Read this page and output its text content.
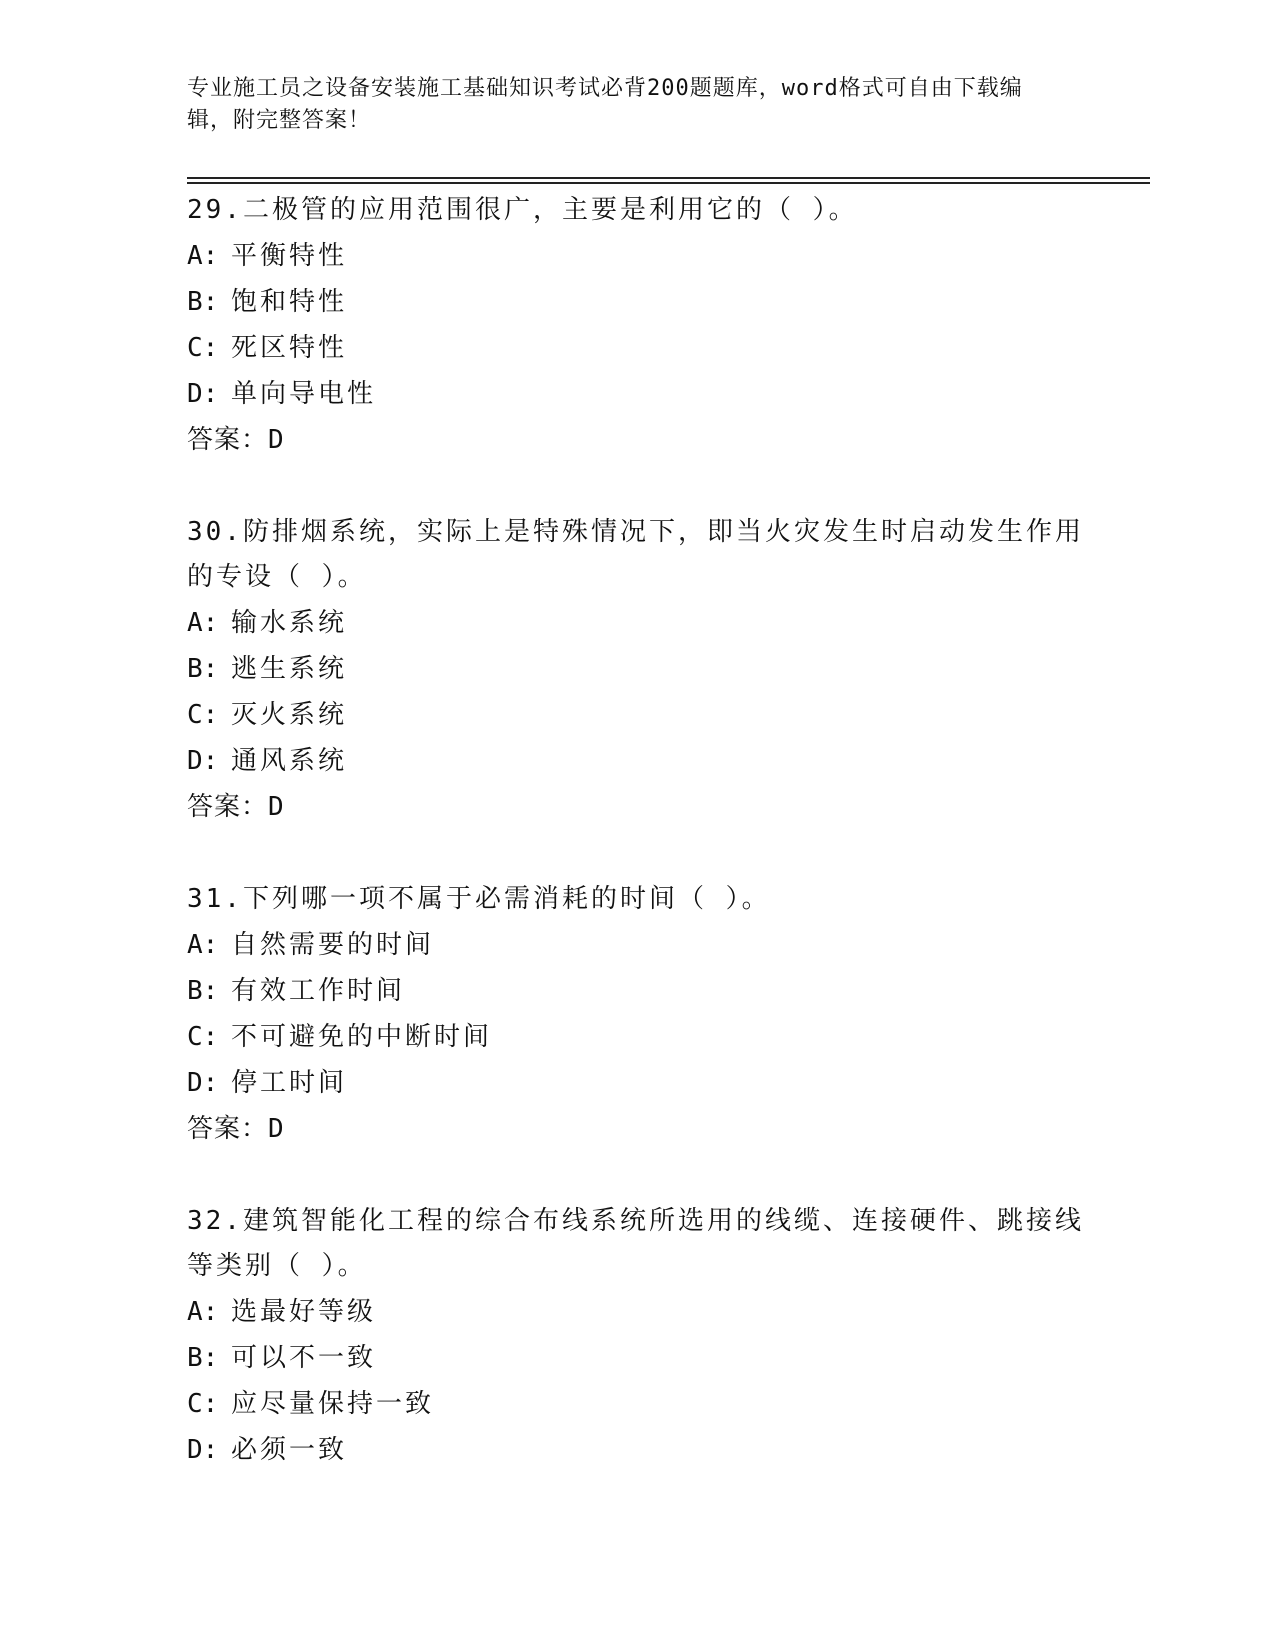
专业施工员之设备安装施工基础知识考试必背200题题库，word格式可自由下载编辑，附完整答案！
29.二极管的应用范围很广，主要是利用它的（ ）。
A: 平衡特性
B: 饱和特性
C: 死区特性
D: 单向导电性
答案：D
30.防排烟系统，实际上是特殊情况下，即当火灾发生时启动发生作用的专设（ ）。
A: 输水系统
B: 逃生系统
C: 灭火系统
D: 通风系统
答案：D
31.下列哪一项不属于必需消耗的时间（ ）。
A: 自然需要的时间
B: 有效工作时间
C: 不可避免的中断时间
D: 停工时间
答案：D
32.建筑智能化工程的综合布线系统所选用的线缆、连接硬件、跳接线等类别（ ）。
A: 选最好等级
B: 可以不一致
C: 应尽量保持一致
D: 必须一致
